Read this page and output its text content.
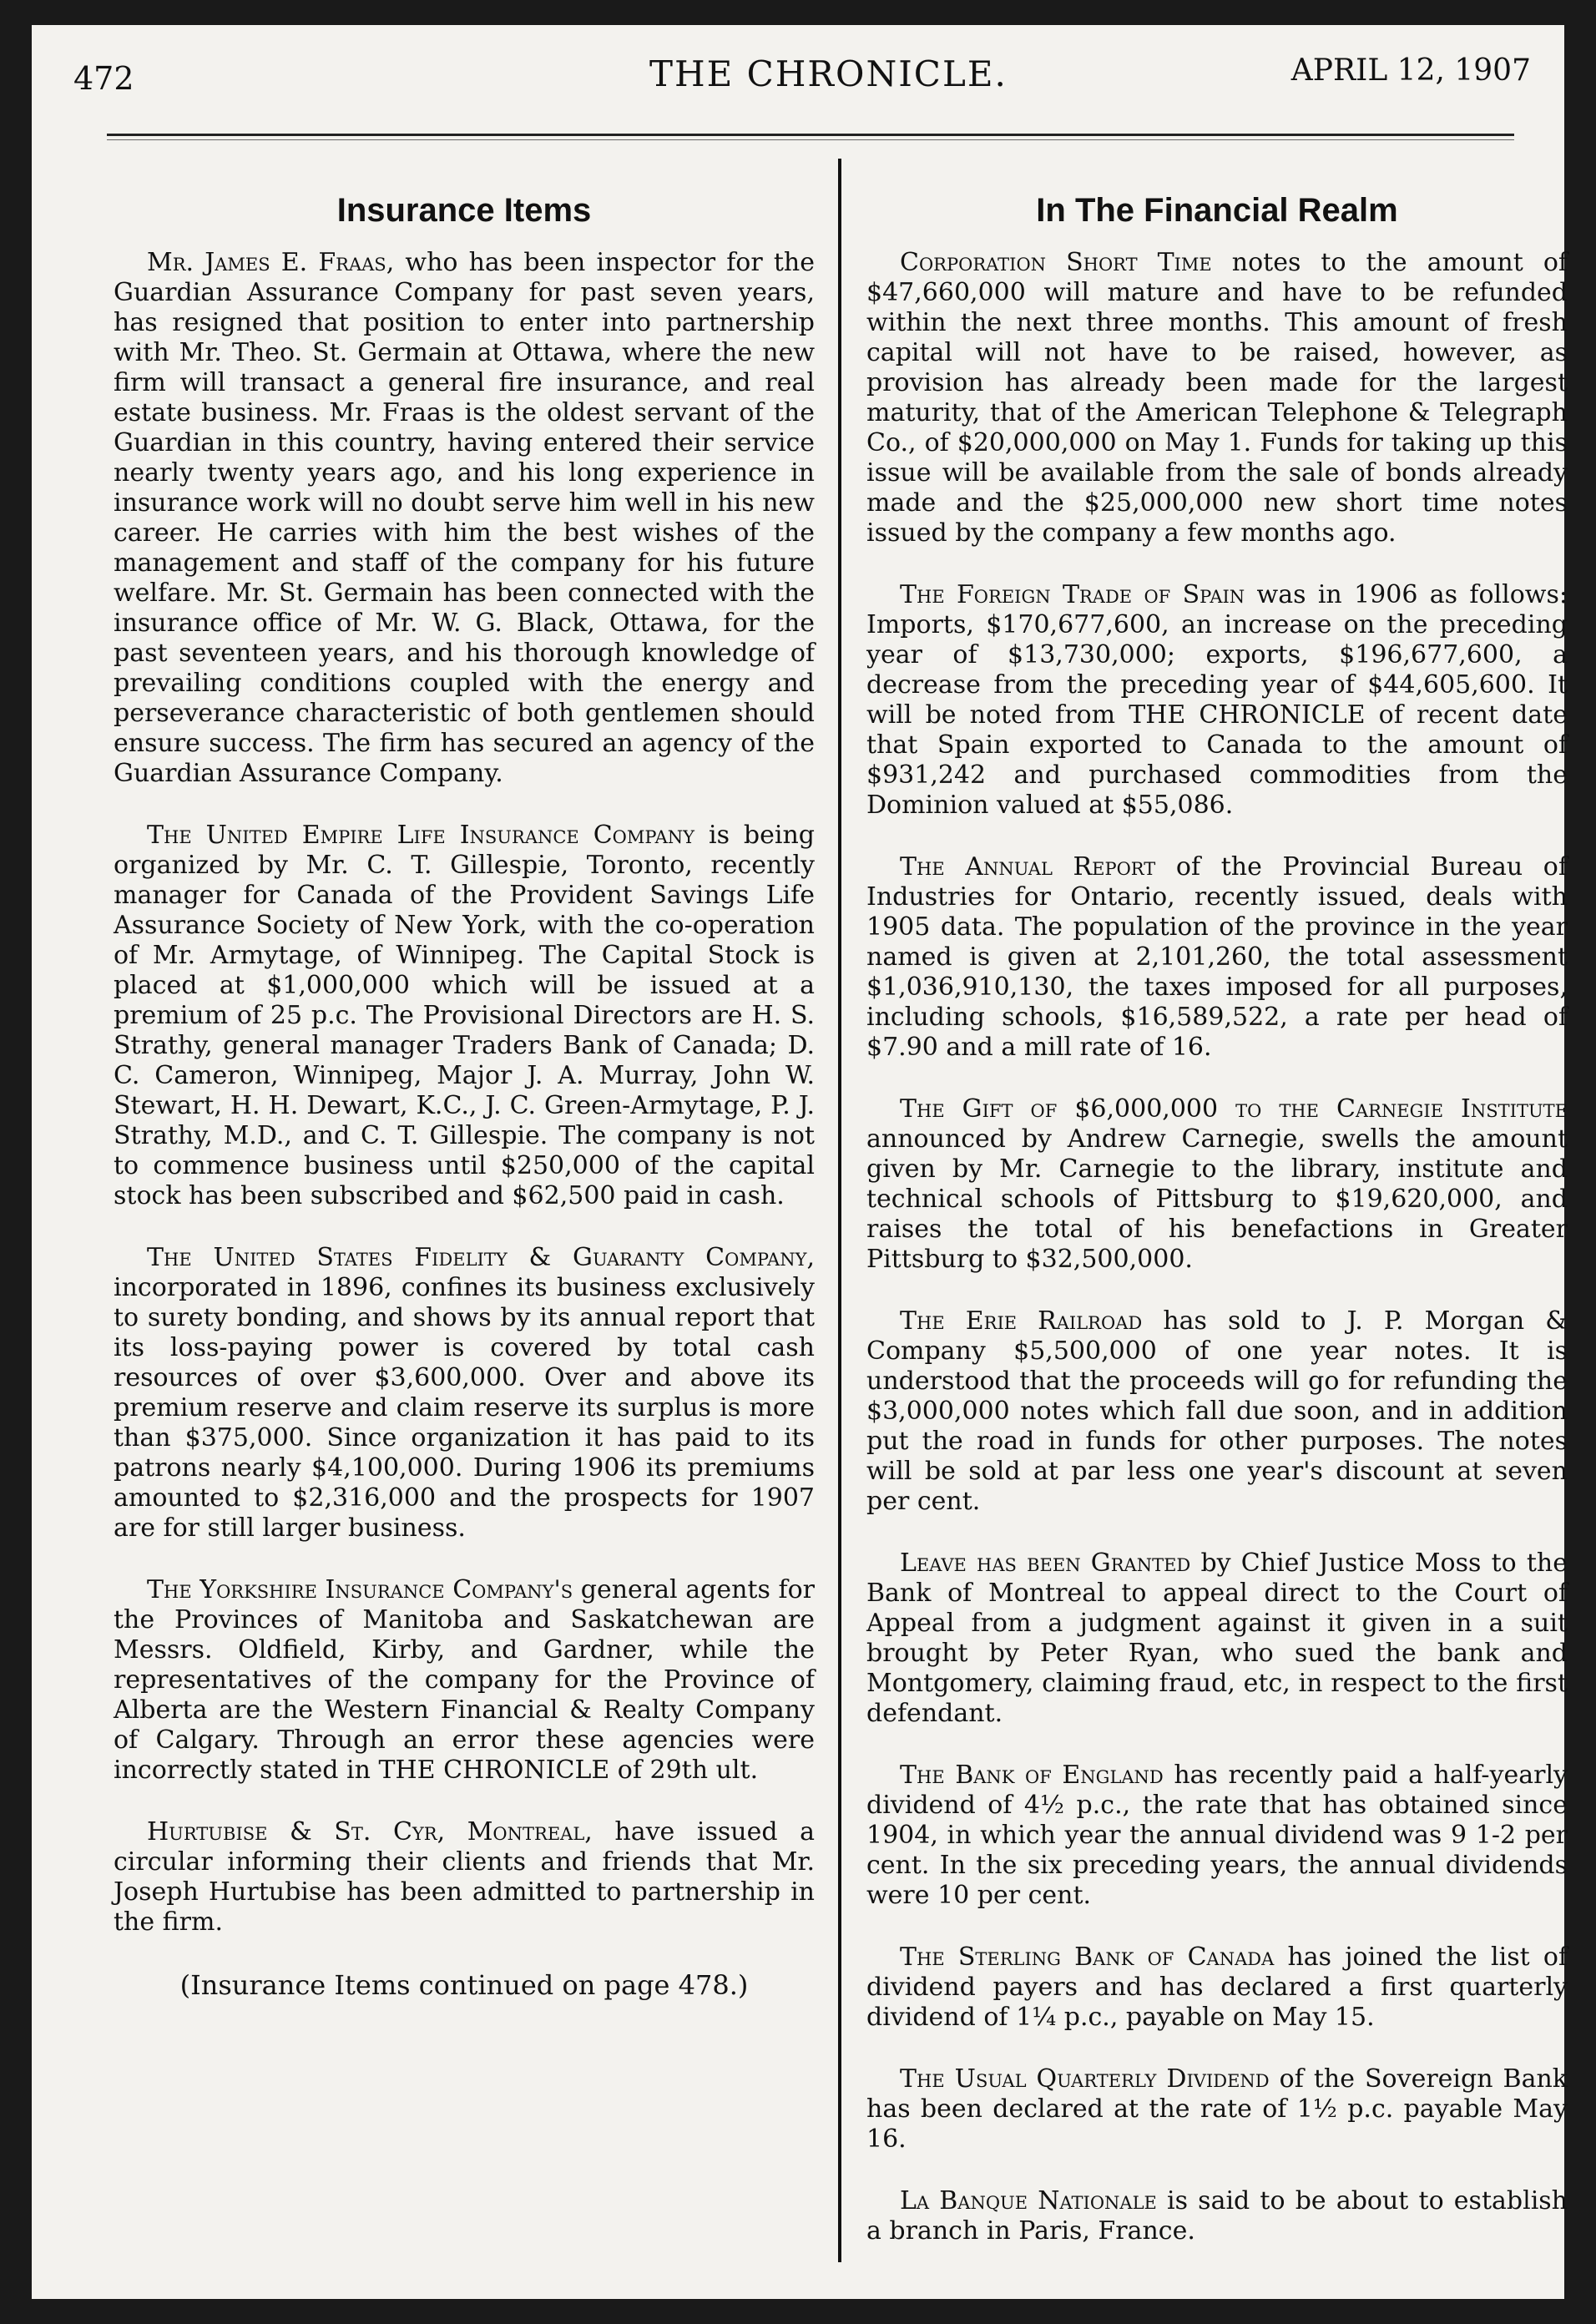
472	THE CHRONICLE.	APRIL 12, 1907
Insurance Items

Mr. James E. Fraas, who has been inspector for the Guardian Assurance Company for past seven years, has resigned that position to enter into partnership with Mr. Theo. St. Germain at Ottawa, where the new firm will transact a general fire insurance, and real estate business. Mr. Fraas is the oldest servant of the Guardian in this country, having entered their service nearly twenty years ago, and his long experience in insurance work will no doubt serve him well in his new career. He carries with him the best wishes of the management and staff of the company for his future welfare. Mr. St. Germain has been connected with the insurance office of Mr. W. G. Black, Ottawa, for the past seventeen years, and his thorough knowledge of prevailing conditions coupled with the energy and perseverance characteristic of both gentlemen should ensure success. The firm has secured an agency of the Guardian Assurance Company.

The United Empire Life Insurance Company is being organized by Mr. C. T. Gillespie, Toronto, recently manager for Canada of the Provident Savings Life Assurance Society of New York, with the co-operation of Mr. Armytage, of Winnipeg. The Capital Stock is placed at $1,000,000 which will be issued at a premium of 25 p.c. The Provisional Directors are H. S. Strathy, general manager Traders Bank of Canada; D. C. Cameron, Winnipeg, Major J. A. Murray, John W. Stewart, H. H. Dewart, K.C., J. C. Green-Armytage, P. J. Strathy, M.D., and C. T. Gillespie. The company is not to commence business until $250,000 of the capital stock has been subscribed and $62,500 paid in cash.

The United States Fidelity & Guaranty Company, incorporated in 1896, confines its business exclusively to surety bonding, and shows by its annual report that its loss-paying power is covered by total cash resources of over $3,600,000. Over and above its premium reserve and claim reserve its surplus is more than $375,000. Since organization it has paid to its patrons nearly $4,100,000. During 1906 its premiums amounted to $2,316,000 and the prospects for 1907 are for still larger business.

The Yorkshire Insurance Company's general agents for the Provinces of Manitoba and Saskatchewan are Messrs. Oldfield, Kirby, and Gardner, while the representatives of the company for the Province of Alberta are the Western Financial & Realty Company of Calgary. Through an error these agencies were incorrectly stated in THE CHRONICLE of 29th ult.

Hurtubise & St. Cyr, Montreal, have issued a circular informing their clients and friends that Mr. Joseph Hurtubise has been admitted to partnership in the firm.

(Insurance Items continued on page 478.)
In The Financial Realm

Corporation Short Time notes to the amount of $47,660,000 will mature and have to be refunded within the next three months. This amount of fresh capital will not have to be raised, however, as provision has already been made for the largest maturity, that of the American Telephone & Telegraph Co., of $20,000,000 on May 1. Funds for taking up this issue will be available from the sale of bonds already made and the $25,000,000 new short time notes issued by the company a few months ago.

The Foreign Trade of Spain was in 1906 as follows: Imports, $170,677,600, an increase on the preceding year of $13,730,000; exports, $196,677,600, a decrease from the preceding year of $44,605,600. It will be noted from THE CHRONICLE of recent date that Spain exported to Canada to the amount of $931,242 and purchased commodities from the Dominion valued at $55,086.

The Annual Report of the Provincial Bureau of Industries for Ontario, recently issued, deals with 1905 data. The population of the province in the year named is given at 2,101,260, the total assessment $1,036,910,130, the taxes imposed for all purposes, including schools, $16,589,522, a rate per head of $7.90 and a mill rate of 16.

The Gift of $6,000,000 to the Carnegie Institute announced by Andrew Carnegie, swells the amount given by Mr. Carnegie to the library, institute and technical schools of Pittsburg to $19,620,000, and raises the total of his benefactions in Greater Pittsburg to $32,500,000.

The Erie Railroad has sold to J. P. Morgan & Company $5,500,000 of one year notes. It is understood that the proceeds will go for refunding the $3,000,000 notes which fall due soon, and in addition put the road in funds for other purposes. The notes will be sold at par less one year's discount at seven per cent.

Leave has been Granted by Chief Justice Moss to the Bank of Montreal to appeal direct to the Court of Appeal from a judgment against it given in a suit brought by Peter Ryan, who sued the bank and Montgomery, claiming fraud, etc, in respect to the first defendant.

The Bank of England has recently paid a half-yearly dividend of 4½ p.c., the rate that has obtained since 1904, in which year the annual dividend was 9 1-2 per cent. In the six preceding years, the annual dividends were 10 per cent.

The Sterling Bank of Canada has joined the list of dividend payers and has declared a first quarterly dividend of 1¼ p.c., payable on May 15.

The Usual Quarterly Dividend of the Sovereign Bank has been declared at the rate of 1½ p.c. payable May 16.

La Banque Nationale is said to be about to establish a branch in Paris, France.
